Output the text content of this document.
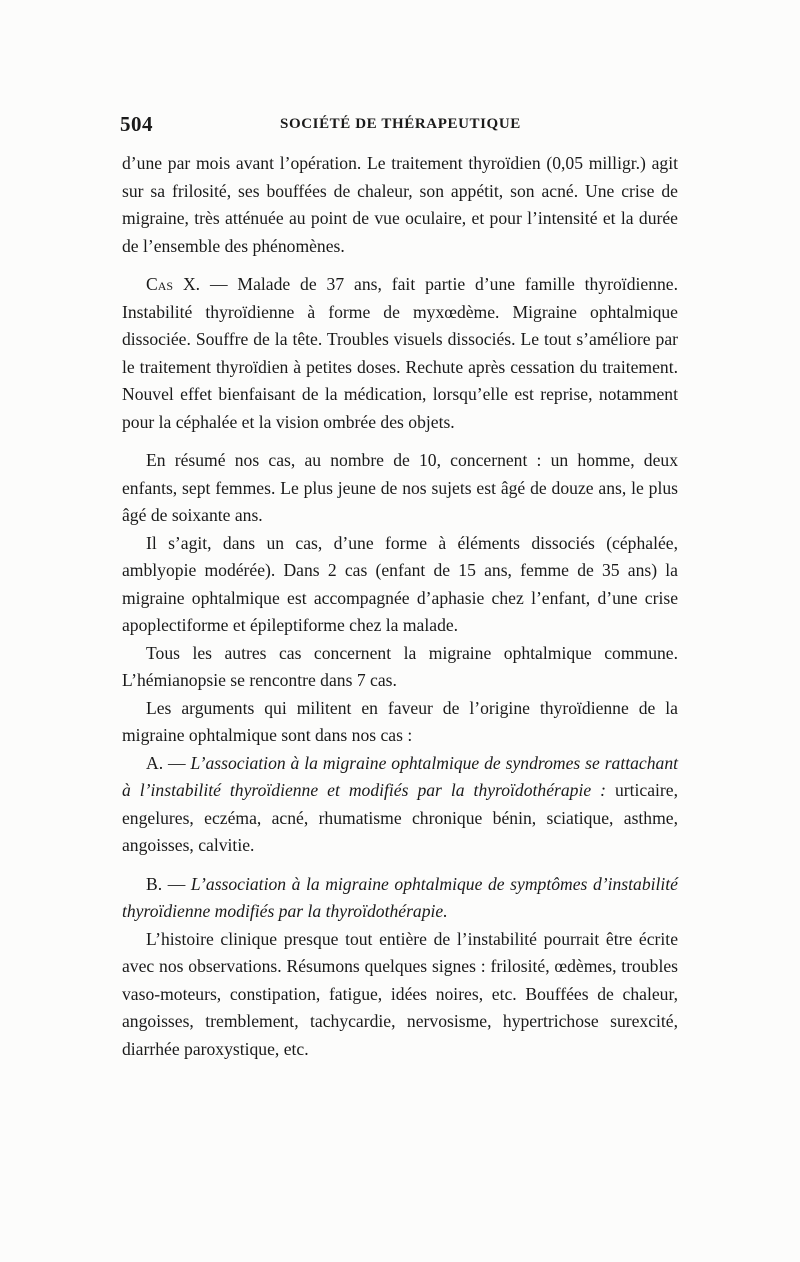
504	SOCIÉTÉ DE THÉRAPEUTIQUE

d’une par mois avant l’opération. Le traitement thyroïdien (0,05 milligr.) agit sur sa frilosité, ses bouffées de chaleur, son appétit, son acné. Une crise de migraine, très atténuée au point de vue oculaire, et pour l’intensité et la durée de l’ensemble des phénomènes.

Cas X. — Malade de 37 ans, fait partie d’une famille thyroïdienne. Instabilité thyroïdienne à forme de myxœdème. Migraine ophtalmique dissociée. Souffre de la tête. Troubles visuels dissociés. Le tout s’améliore par le traitement thyroïdien à petites doses. Rechute après cessation du traitement. Nouvel effet bienfaisant de la médication, lorsqu’elle est reprise, notamment pour la céphalée et la vision ombrée des objets.

En résumé nos cas, au nombre de 10, concernent : un homme, deux enfants, sept femmes. Le plus jeune de nos sujets est âgé de douze ans, le plus âgé de soixante ans.

Il s’agit, dans un cas, d’une forme à éléments dissociés (céphalée, amblyopie modérée). Dans 2 cas (enfant de 15 ans, femme de 35 ans) la migraine ophtalmique est accompagnée d’aphasie chez l’enfant, d’une crise apoplectiforme et épileptiforme chez la malade.

Tous les autres cas concernent la migraine ophtalmique commune. L’hémianopsie se rencontre dans 7 cas.

Les arguments qui militent en faveur de l’origine thyroïdienne de la migraine ophtalmique sont dans nos cas :

A. — L’association à la migraine ophtalmique de syndromes se rattachant à l’instabilité thyroïdienne et modifiés par la thyroïdothérapie : urticaire, engelures, eczéma, acné, rhumatisme chronique bénin, sciatique, asthme, angoisses, calvitie.

B. — L’association à la migraine ophtalmique de symptômes d’instabilité thyroïdienne modifiés par la thyroïdothérapie.

L’histoire clinique presque tout entière de l’instabilité pourrait être écrite avec nos observations. Résumons quelques signes : frilosité, œdèmes, troubles vaso-moteurs, constipation, fatigue, idées noires, etc. Bouffées de chaleur, angoisses, tremblement, tachycardie, nervosisme, hypertrichose surexcité, diarrhée paroxystique, etc.
